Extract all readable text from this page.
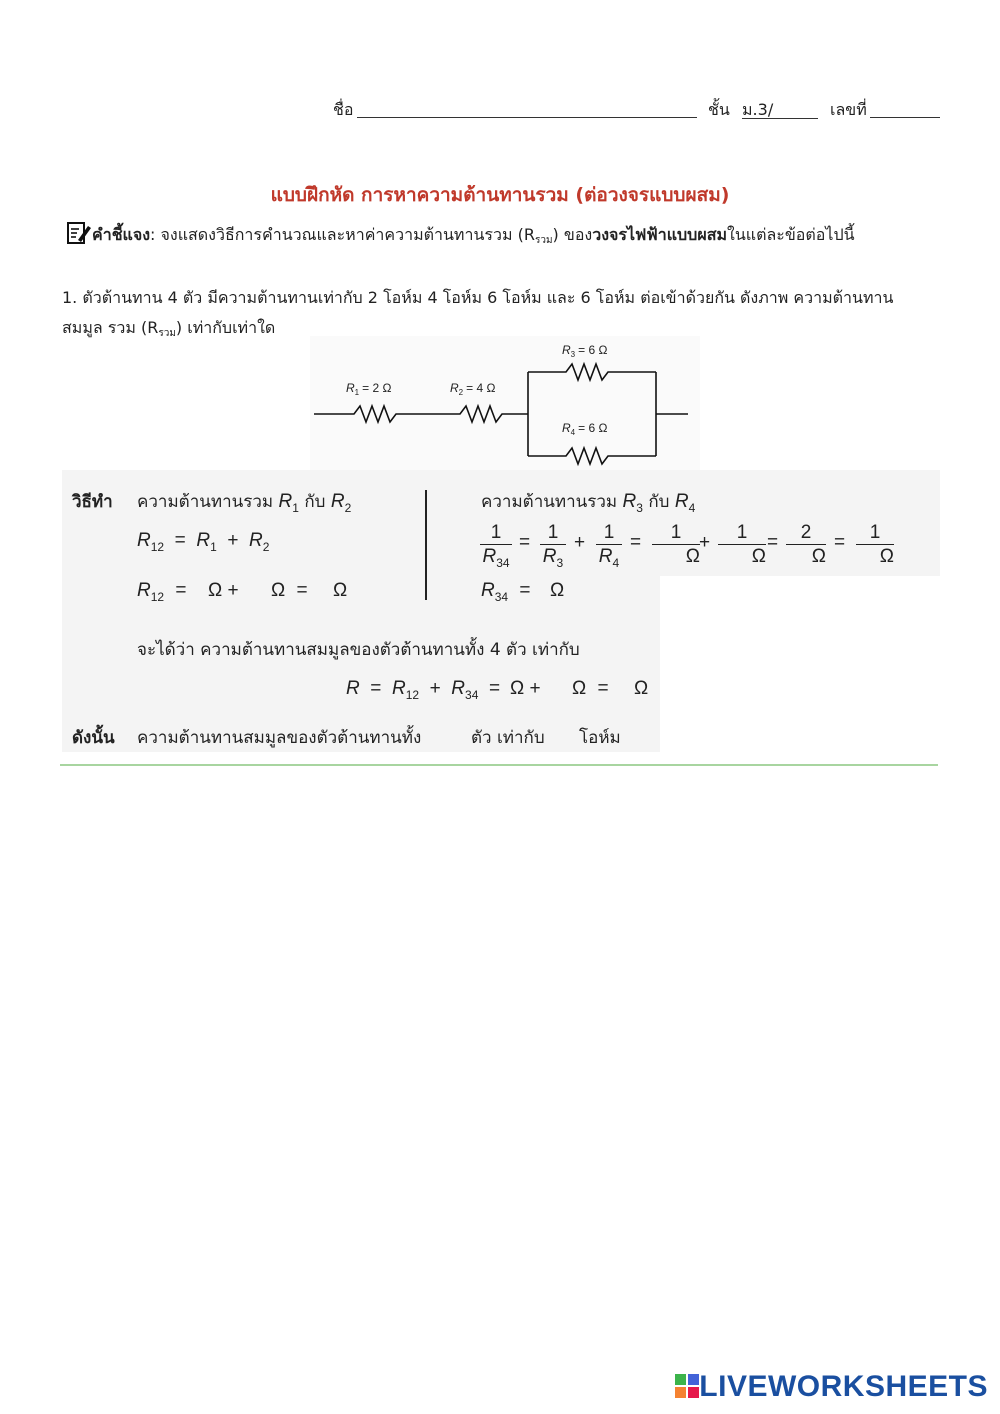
ชื่อ	ชั้น ม.3/	เลขที่
แบบฝึกหัด การหาความต้านทานรวม (ต่อวงจรแบบผสม)
คำชี้แจง: จงแสดงวิธีการคำนวณและหาค่าความต้านทานรวม $(R_{รวม})$ ของวงจรไฟฟ้าแบบผสมในแต่ละข้อต่อไปนี้
1. ตัวต้านทาน 4 ตัว มีความต้านทานเท่ากับ 2 โอห์ม 4 โอห์ม 6 โอห์ม และ 6 โอห์ม ต่อเข้าด้วยกัน ดังภาพ ความต้านทาน
สมมูล รวม $(R_{รวม})$ เท่ากับเท่าใด
$R_1 = 2$ Ω	$R_2 = 4$ Ω
$R_3 = 6$ Ω
$R_4 = 6$ Ω
วิธีทำ ความต้านทานรวม $R_1$ กับ $R_2$
$R_{12} = R_1 + R_2$
$R_{12} = \Omega + \Omega = \Omega$
ความต้านทานรวม $R_3$ กับ $R_4$
$\frac{1}{R_{34}} = \frac{1}{R_3} + \frac{1}{R_4} = \frac{1}{\Omega} + \frac{1}{\Omega} = \frac{2}{\Omega} = \frac{1}{\Omega}$
$R_{34} = \Omega$
จะได้ว่า ความต้านทานสมมูลของตัวต้านทานทั้ง 4 ตัว เท่ากับ
$R = R_{12} + R_{34} = \Omega + \Omega = \Omega$
ดังนั้น ความต้านทานสมมูลของตัวต้านทานทั้ง	ตัว เท่ากับ โอห์ม
LIVEWORKSHEETS
